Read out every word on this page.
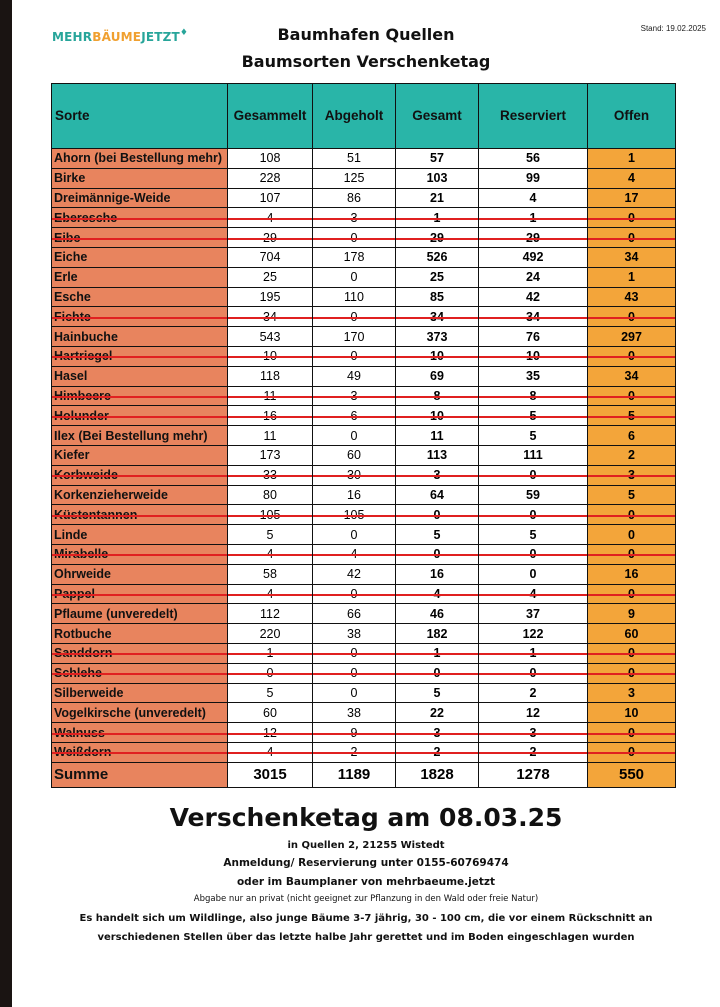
MEHRBÄUMEJETZT♦	Baumhafen Quellen
Baumsorten Verschenketag
Stand: 19.02.2025
Sorte	Gesammelt	Abgeholt	Gesamt	Reserviert	Offen
Ahorn (bei Bestellung mehr)	108	51	57	56	1
Birke	228	125	103	99	4
Dreimännige-Weide	107	86	21	4	17
Eberesche	4	3	1	1	0
Eibe	29	0	29	29	0
Eiche	704	178	526	492	34
Erle	25	0	25	24	1
Esche	195	110	85	42	43
Fichte	34	0	34	34	0
Hainbuche	543	170	373	76	297
Hartriegel	10	0	10	10	0
Hasel	118	49	69	35	34
Himbeere	11	3	8	8	0
Holunder	16	6	10	5	5
Ilex (Bei Bestellung mehr)	11	0	11	5	6
Kiefer	173	60	113	111	2
Korbweide	33	30	3	0	3
Korkenzieherweide	80	16	64	59	5
Küstentannen	105	105	0	0	0
Linde	5	0	5	5	0
Mirabelle	4	4	0	0	0
Ohrweide	58	42	16	0	16
Pappel	4	0	4	4	0
Pflaume (unveredelt)	112	66	46	37	9
Rotbuche	220	38	182	122	60
Sanddorn	1	0	1	1	0
Schlehe	0	0	0	0	0
Silberweide	5	0	5	2	3
Vogelkirsche (unveredelt)	60	38	22	12	10
Walnuss	12	9	3	3	0
Weißdorn	4	2	2	2	0
Summe	3015	1189	1828	1278	550
Verschenketag am 08.03.25
in Quellen 2, 21255 Wistedt
Anmeldung/ Reservierung unter 0155-60769474
oder im Baumplaner von mehrbaeume.jetzt
Abgabe nur an privat (nicht geeignet zur Pflanzung in den Wald oder freie Natur)
Es handelt sich um Wildlinge, also junge Bäume 3-7 jährig, 30 - 100 cm, die vor einem Rückschnitt an verschiedenen Stellen über das letzte halbe Jahr gerettet und im Boden eingeschlagen wurden
